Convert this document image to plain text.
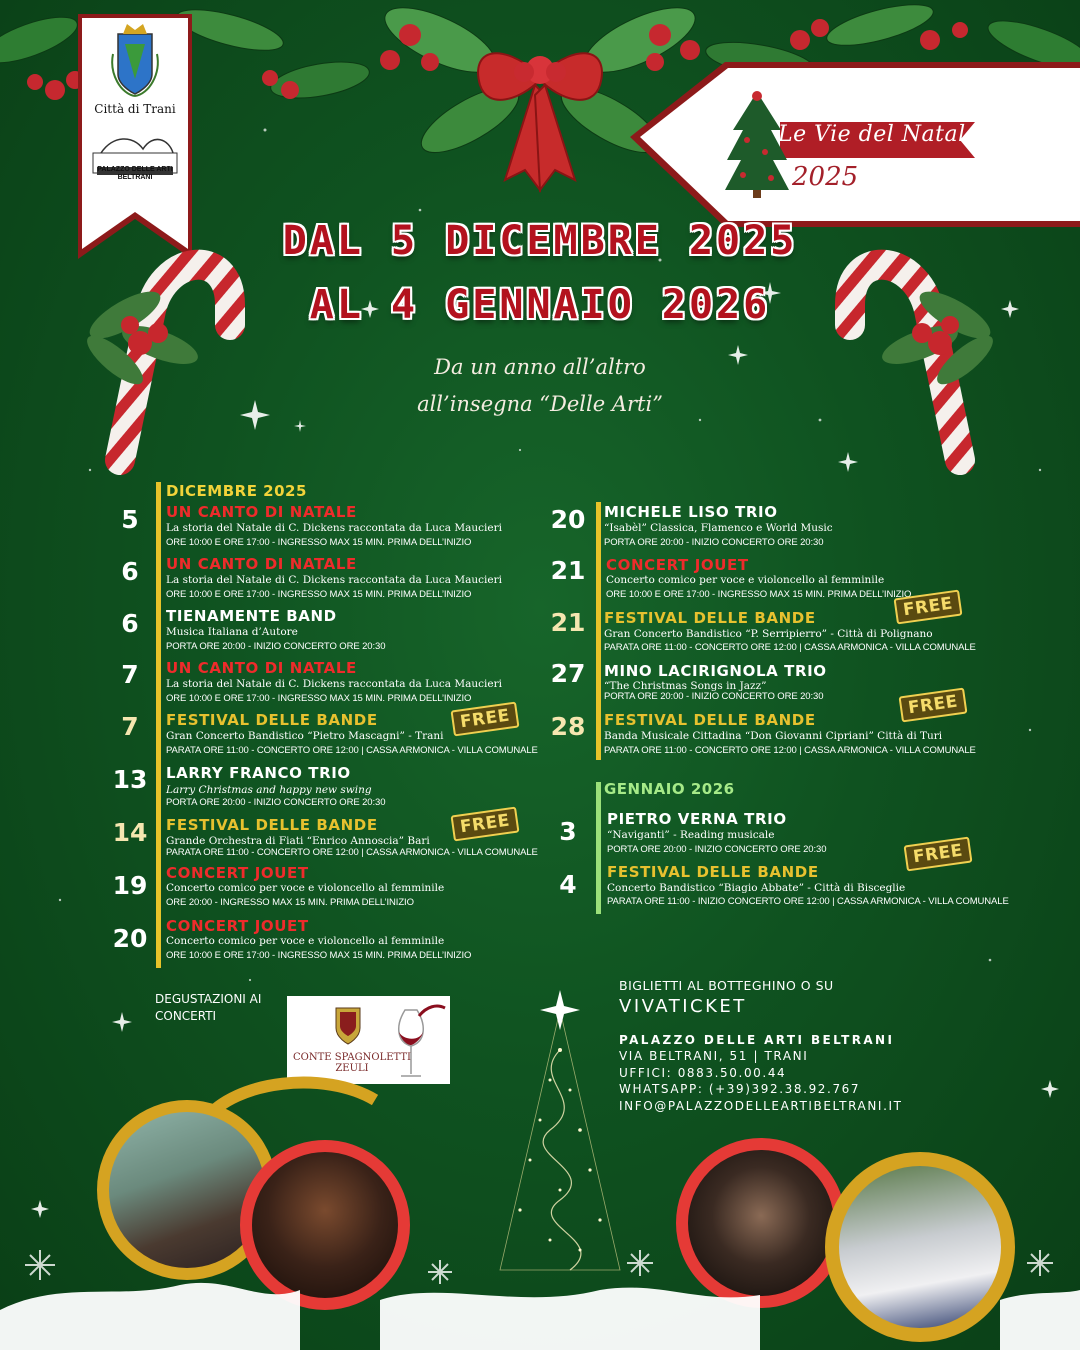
Città di Trani
PALAZZO DELLE ARTI BELTRANI
Le Vie del Natale
2025
DAL 5 DICEMBRE 2025
AL 4 GENNAIO 2026
Da un anno all’altro
all’insegna “Delle Arti”
DICEMBRE 2025
5	UN CANTO DI NATALE
La storia del Natale di C. Dickens raccontata da Luca Maucieri
ORE 10:00 E ORE 17:00 - INGRESSO MAX 15 MIN. PRIMA DELL’INIZIO
6	UN CANTO DI NATALE
La storia del Natale di C. Dickens raccontata da Luca Maucieri
ORE 10:00 E ORE 17:00 - INGRESSO MAX 15 MIN. PRIMA DELL’INIZIO
6	TIENAMENTE BAND
Musica Italiana d’Autore
PORTA ORE 20:00 - INIZIO CONCERTO ORE 20:30
7	UN CANTO DI NATALE
La storia del Natale di C. Dickens raccontata da Luca Maucieri
ORE 10:00 E ORE 17:00 - INGRESSO MAX 15 MIN. PRIMA DELL’INIZIO
7	FESTIVAL DELLE BANDE	FREE
Gran Concerto Bandistico “Pietro Mascagni” - Trani
PARATA ORE 11:00 - CONCERTO ORE 12:00 | CASSA ARMONICA - VILLA COMUNALE
13	LARRY FRANCO TRIO
Larry Christmas and happy new swing
PORTA ORE 20:00 - INIZIO CONCERTO ORE 20:30
14	FESTIVAL DELLE BANDE	FREE
Grande Orchestra di Fiati “Enrico Annoscia” Bari
PARATA ORE 11:00 - CONCERTO ORE 12:00 | CASSA ARMONICA - VILLA COMUNALE
19	CONCERT JOUET
Concerto comico per voce e violoncello al femminile
ORE 20:00 - INGRESSO MAX 15 MIN. PRIMA DELL’INIZIO
20	CONCERT JOUET
Concerto comico per voce e violoncello al femminile
ORE 10:00 E ORE 17:00 - INGRESSO MAX 15 MIN. PRIMA DELL’INIZIO
20	MICHELE LISO TRIO
“Isabèl” Classica, Flamenco e World Music
PORTA ORE 20:00 - INIZIO CONCERTO ORE 20:30
21	CONCERT JOUET
Concerto comico per voce e violoncello al femminile
ORE 10:00 E ORE 17:00 - INGRESSO MAX 15 MIN. PRIMA DELL’INIZIO
21	FESTIVAL DELLE BANDE	FREE
Gran Concerto Bandistico “P. Serripierro” - Città di Polignano
PARATA ORE 11:00 - CONCERTO ORE 12:00 | CASSA ARMONICA - VILLA COMUNALE
27	MINO LACIRIGNOLA TRIO
“The Christmas Songs in Jazz”
PORTA ORE 20:00 - INIZIO CONCERTO ORE 20:30
28	FESTIVAL DELLE BANDE
FREE
Banda Musicale Cittadina “Don Giovanni Cipriani” Città di Turi
PARATA ORE 11:00 - CONCERTO ORE 12:00 | CASSA ARMONICA - VILLA COMUNALE
GENNAIO 2026
3	PIETRO VERNA TRIO
“Naviganti” - Reading musicale
PORTA ORE 20:00 - INIZIO CONCERTO ORE 20:30
4	FESTIVAL DELLE BANDE
FREE
Concerto Bandistico “Biagio Abbate” - Città di Bisceglie
PARATA ORE 11:00 - INIZIO CONCERTO ORE 12:00 | CASSA ARMONICA - VILLA COMUNALE
DEGUSTAZIONI AI
CONCERTI
CONTE SPAGNOLETTI ZEULI
BIGLIETTI AL BOTTEGHINO O SU
VIVATICKET
PALAZZO DELLE ARTI BELTRANI
VIA BELTRANI, 51 | TRANI
UFFICI: 0883.50.00.44
WHATSAPP: (+39)392.38.92.767
INFO@PALAZZODELLEARTIBELTRANI.IT
